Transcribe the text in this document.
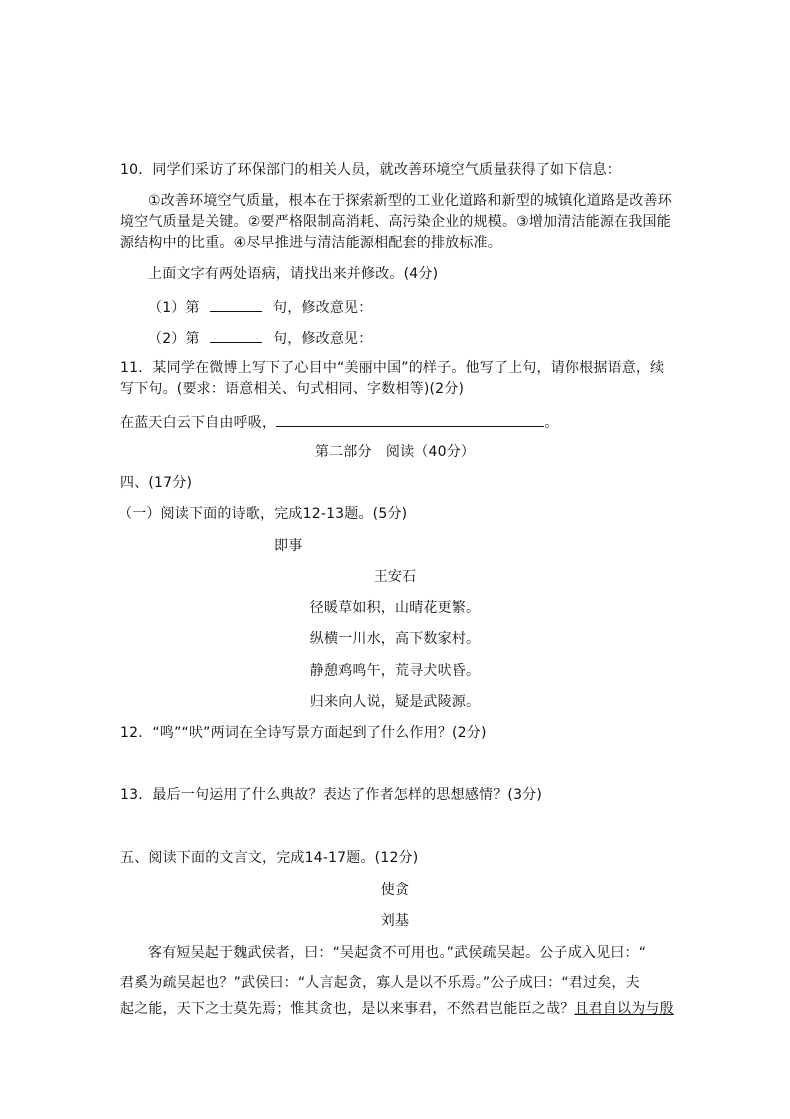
10．同学们采访了环保部门的相关人员，就改善环境空气质量获得了如下信息：
①改善环境空气质量，根本在于探索新型的工业化道路和新型的城镇化道路是改善环
境空气质量是关键。②要严格限制高消耗、高污染企业的规模。③增加清洁能源在我国能
源结构中的比重。④尽早推进与清洁能源相配套的排放标准。
上面文字有两处语病，请找出来并修改。(4分)
（1）第	句，修改意见：
（2）第	句，修改意见：
11．某同学在微博上写下了心目中“美丽中国”的样子。他写了上句，请你根据语意，续
写下句。(要求：语意相关、句式相同、字数相等)(2分)
在蓝天白云下自由呼吸，	。
第二部分　阅读（40分）
四、(17分)
（一）阅读下面的诗歌，完成12-13题。(5分)
即事
王安石
径暖草如积，山晴花更繁。
纵横一川水，高下数家村。
静憩鸡鸣午，荒寻犬吠昏。
归来向人说，疑是武陵源。
12．“鸣”“吠”两词在全诗写景方面起到了什么作用？(2分)
13．最后一句运用了什么典故？表达了作者怎样的思想感情？(3分)
五、阅读下面的文言文，完成14-17题。(12分)
使贪
刘基
客有短吴起于魏武侯者，曰：“吴起贪不可用也。”武侯疏吴起。公子成入见曰：“
君奚为疏吴起也？”武侯曰：“人言起贪，寡人是以不乐焉。”公子成曰：“君过矣，夫
起之能，天下之士莫先焉；惟其贪也，是以来事君，不然君岂能臣之哉？且君自以为与殷
